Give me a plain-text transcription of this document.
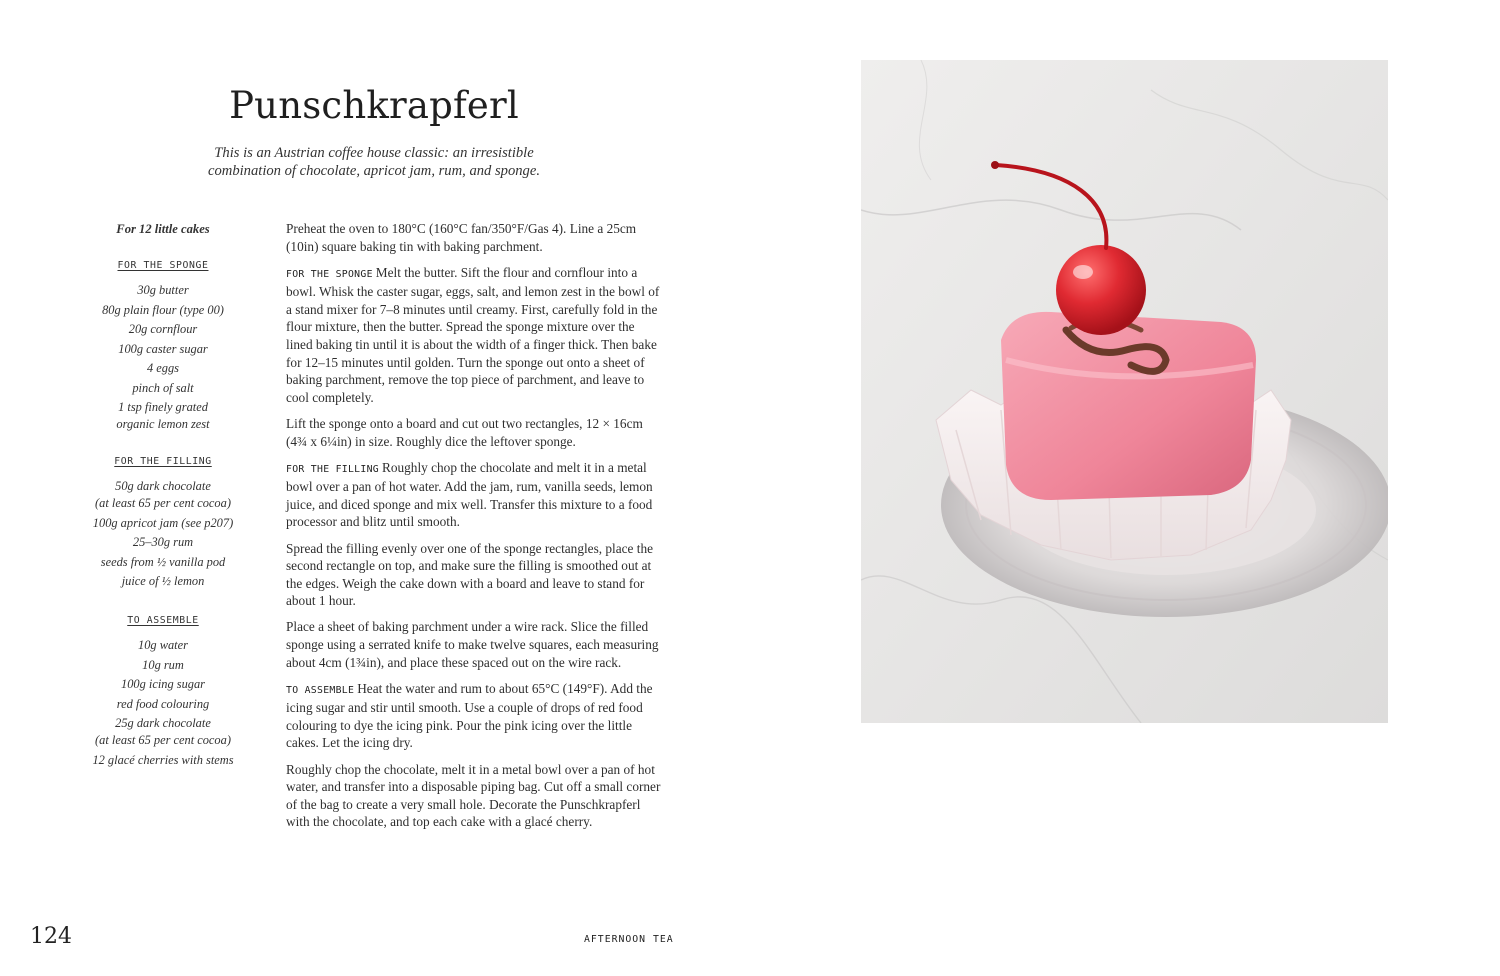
Punschkrapferl

This is an Austrian coffee house classic: an irresistible
combination of chocolate, apricot jam, rum, and sponge.

For 12 little cakes

FOR THE SPONGE

30g butter
80g plain flour (type 00)
20g cornflour
100g caster sugar
4 eggs
pinch of salt
1 tsp finely grated
organic lemon zest

FOR THE FILLING

50g dark chocolate
(at least 65 per cent cocoa)
100g apricot jam (see p207)
25–30g rum
seeds from ½ vanilla pod
juice of ½ lemon

TO ASSEMBLE

10g water
10g rum
100g icing sugar
red food colouring
25g dark chocolate
(at least 65 per cent cocoa)
12 glacé cherries with stems

Preheat the oven to 180°C (160°C fan/350°F/Gas 4). Line a 25cm (10in) square baking tin with baking parchment.

FOR THE SPONGE Melt the butter. Sift the flour and cornflour into a bowl. Whisk the caster sugar, eggs, salt, and lemon zest in the bowl of a stand mixer for 7–8 minutes until creamy. First, carefully fold in the flour mixture, then the butter. Spread the sponge mixture over the lined baking tin until it is about the width of a finger thick. Then bake for 12–15 minutes until golden. Turn the sponge out onto a sheet of baking parchment, remove the top piece of parchment, and leave to cool completely.

Lift the sponge onto a board and cut out two rectangles, 12 × 16cm (4¾ x 6¼in) in size. Roughly dice the leftover sponge.

FOR THE FILLING Roughly chop the chocolate and melt it in a metal bowl over a pan of hot water. Add the jam, rum, vanilla seeds, lemon juice, and diced sponge and mix well. Transfer this mixture to a food processor and blitz until smooth.

Spread the filling evenly over one of the sponge rectangles, place the second rectangle on top, and make sure the filling is smoothed out at the edges. Weigh the cake down with a board and leave to stand for about 1 hour.

Place a sheet of baking parchment under a wire rack. Slice the filled sponge using a serrated knife to make twelve squares, each measuring about 4cm (1¾in), and place these spaced out on the wire rack.

TO ASSEMBLE Heat the water and rum to about 65°C (149°F). Add the icing sugar and stir until smooth. Use a couple of drops of red food colouring to dye the icing pink. Pour the pink icing over the little cakes. Let the icing dry.

Roughly chop the chocolate, melt it in a metal bowl over a pan of hot water, and transfer into a disposable piping bag. Cut off a small corner of the bag to create a very small hole. Decorate the Punschkrapferl with the chocolate, and top each cake with a glacé cherry.

124	AFTERNOON TEA
